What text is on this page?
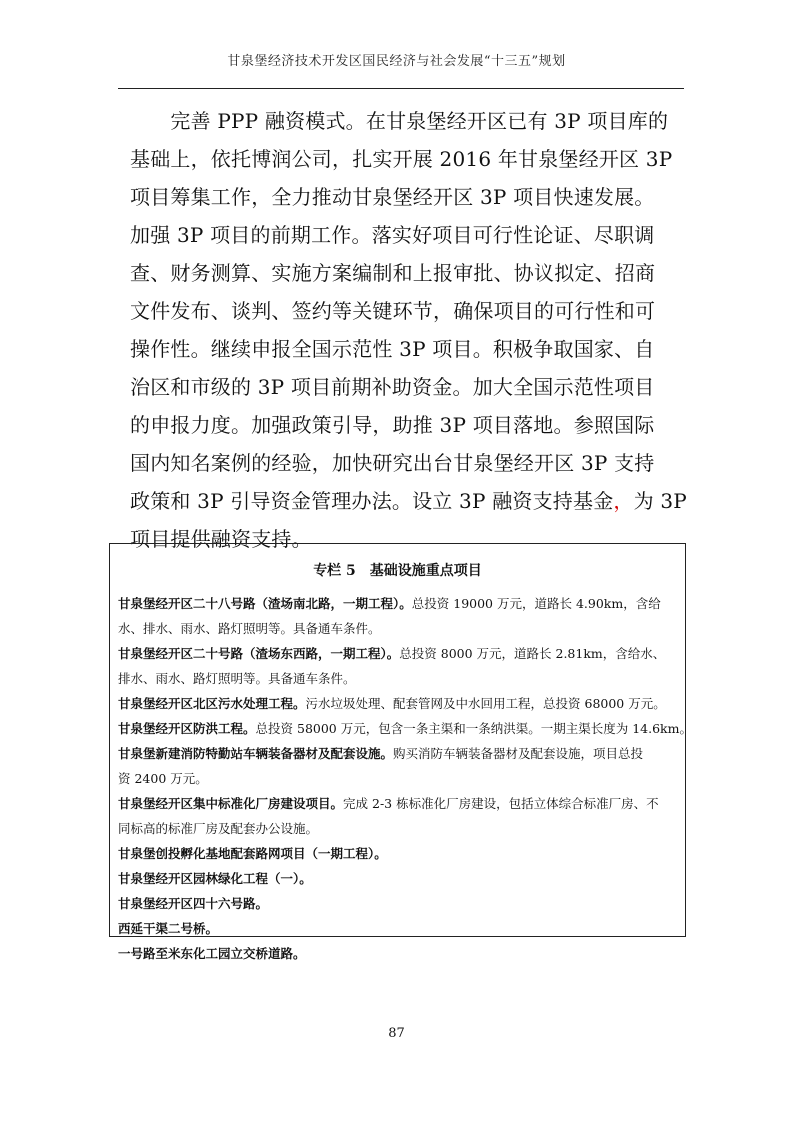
甘泉堡经济技术开发区国民经济与社会发展“十三五”规划
　　完善 PPP 融资模式。在甘泉堡经开区已有 3P 项目库的
基础上，依托博润公司，扎实开展 2016 年甘泉堡经开区 3P
项目筹集工作，全力推动甘泉堡经开区 3P 项目快速发展。
加强 3P 项目的前期工作。落实好项目可行性论证、尽职调
查、财务测算、实施方案编制和上报审批、协议拟定、招商
文件发布、谈判、签约等关键环节，确保项目的可行性和可
操作性。继续申报全国示范性 3P 项目。积极争取国家、自
治区和市级的 3P 项目前期补助资金。加大全国示范性项目
的申报力度。加强政策引导，助推 3P 项目落地。参照国际
国内知名案例的经验，加快研究出台甘泉堡经开区 3P 支持
政策和 3P 引导资金管理办法。设立 3P 融资支持基金，为 3P
项目提供融资支持。
专栏 5　基础设施重点项目
甘泉堡经开区二十八号路（渣场南北路，一期工程）。总投资 19000 万元，道路长 4.90km，含给
水、排水、雨水、路灯照明等。具备通车条件。
甘泉堡经开区二十号路（渣场东西路，一期工程）。总投资 8000 万元，道路长 2.81km，含给水、
排水、雨水、路灯照明等。具备通车条件。
甘泉堡经开区北区污水处理工程。污水垃圾处理、配套管网及中水回用工程，总投资 68000 万元。
甘泉堡经开区防洪工程。总投资 58000 万元，包含一条主渠和一条纳洪渠。一期主渠长度为 14.6km。
甘泉堡新建消防特勤站车辆装备器材及配套设施。购买消防车辆装备器材及配套设施，项目总投
资 2400 万元。
甘泉堡经开区集中标准化厂房建设项目。完成 2-3 栋标准化厂房建设，包括立体综合标准厂房、不
同标高的标准厂房及配套办公设施。
甘泉堡创投孵化基地配套路网项目（一期工程）。
甘泉堡经开区园林绿化工程（一）。
甘泉堡经开区四十六号路。
西延干渠二号桥。
一号路至米东化工园立交桥道路。
87
